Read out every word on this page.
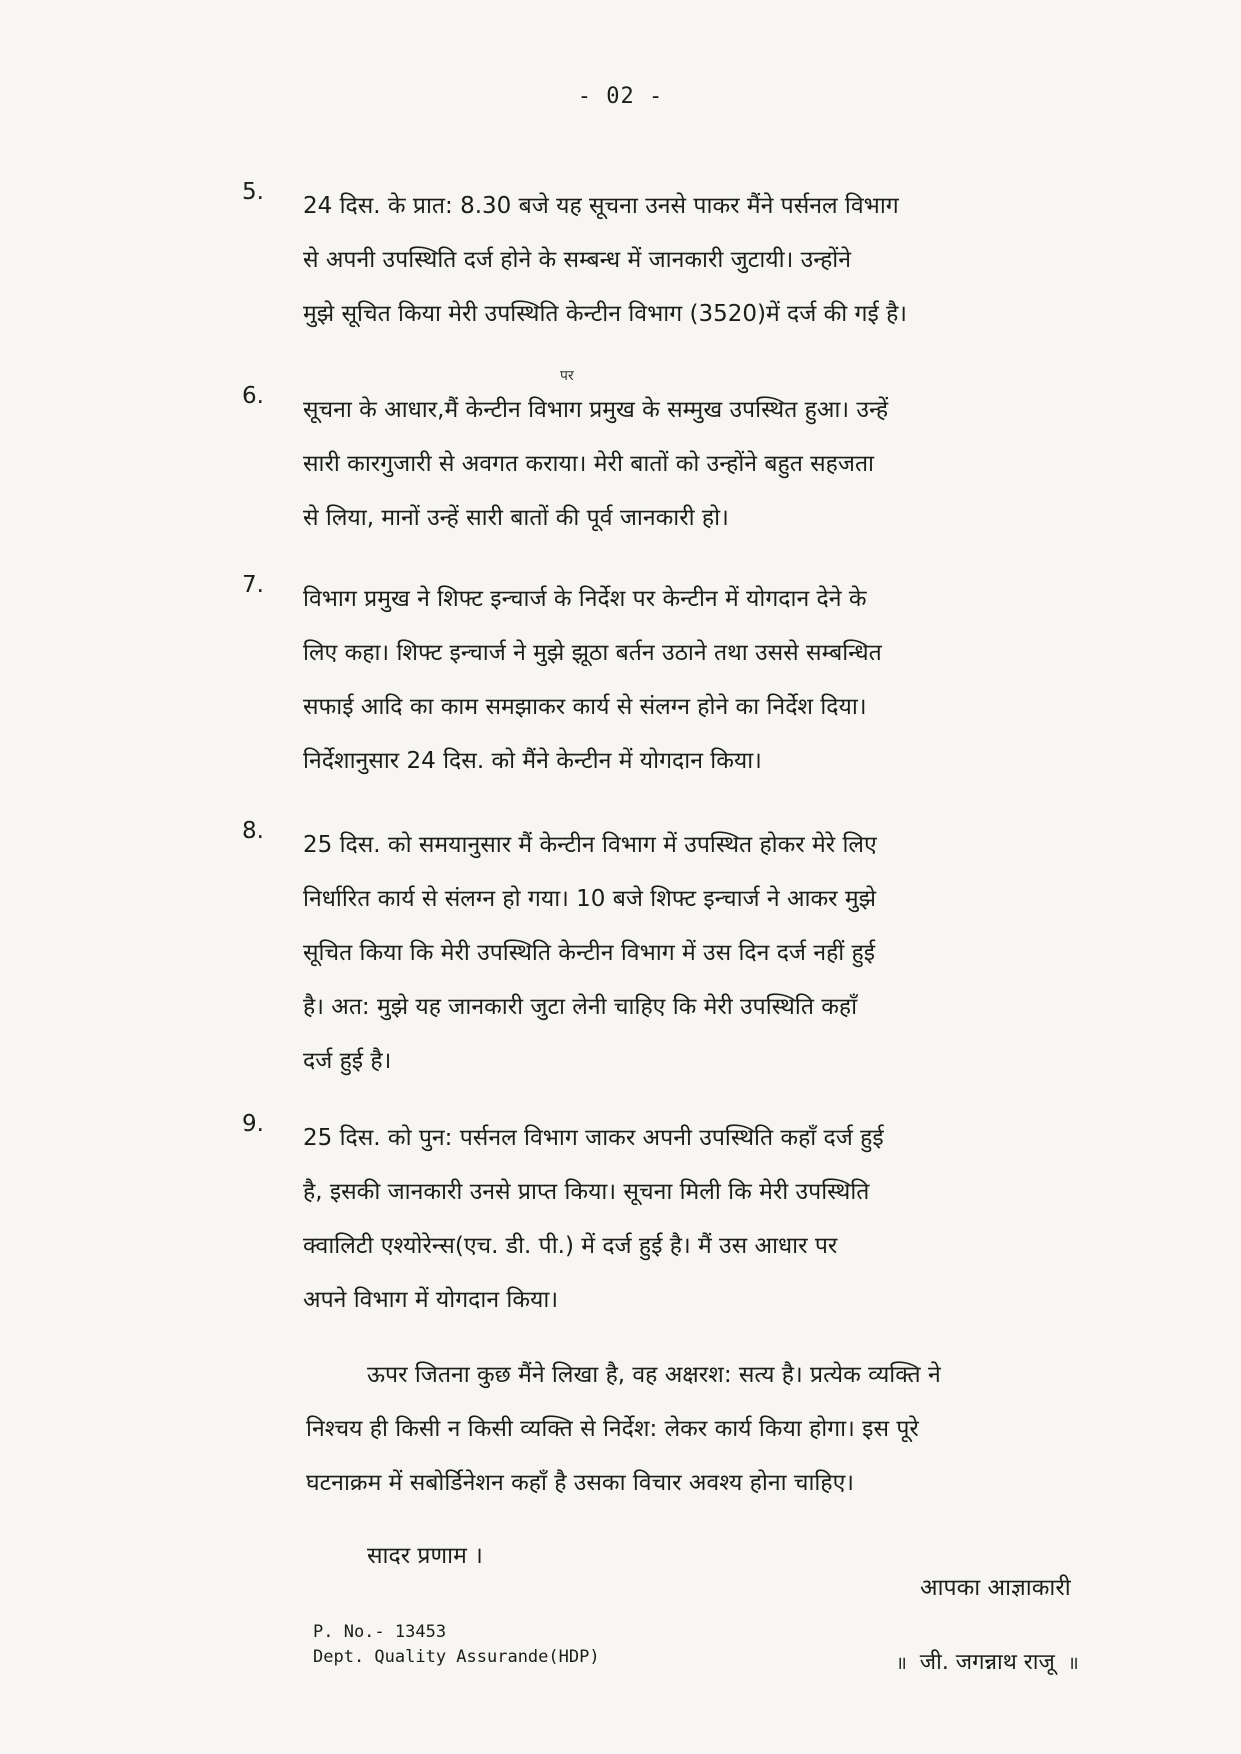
- 02 -
5.
24 दिस. के प्रात: 8.30 बजे यह सूचना उनसे पाकर मैंने पर्सनल विभाग
से अपनी उपस्थिति दर्ज होने के सम्बन्ध में जानकारी जुटायी। उन्होंने
मुझे सूचित किया मेरी उपस्थिति केन्टीन विभाग (3520)में दर्ज की गई है।
पर
6.
सूचना के आधार,मैं केन्टीन विभाग प्रमुख के सम्मुख उपस्थित हुआ। उन्हें
सारी कारगुजारी से अवगत कराया। मेरी बातों को उन्होंने बहुत सहजता
से लिया, मानों उन्हें सारी बातों की पूर्व जानकारी हो।
7.
विभाग प्रमुख ने शिफ्ट इन्चार्ज के निर्देश पर केन्टीन में योगदान देने के
लिए कहा। शिफ्ट इन्चार्ज ने मुझे झूठा बर्तन उठाने तथा उससे सम्बन्धित
सफाई आदि का काम समझाकर कार्य से संलग्न होने का निर्देश दिया।
निर्देशानुसार 24 दिस. को मैंने केन्टीन में योगदान किया।
8.
25 दिस. को समयानुसार मैं केन्टीन विभाग में उपस्थित होकर मेरे लिए
निर्धारित कार्य से संलग्न हो गया। 10 बजे शिफ्ट इन्चार्ज ने आकर मुझे
सूचित किया कि मेरी उपस्थिति केन्टीन विभाग में उस दिन दर्ज नहीं हुई
है। अत: मुझे यह जानकारी जुटा लेनी चाहिए कि मेरी उपस्थिति कहाँ
दर्ज हुई है।
9.
25 दिस. को पुन: पर्सनल विभाग जाकर अपनी उपस्थिति कहाँ दर्ज हुई
है, इसकी जानकारी उनसे प्राप्त किया। सूचना मिली कि मेरी उपस्थिति
क्वालिटी एश्योरेन्स(एच. डी. पी.) में दर्ज हुई है। मैं उस आधार पर
अपने विभाग में योगदान किया।
ऊपर जितना कुछ मैंने लिखा है, वह अक्षरश: सत्य है। प्रत्येक व्यक्ति ने
निश्चय ही किसी न किसी व्यक्ति से निर्देश: लेकर कार्य किया होगा। इस पूरे
घटनाक्रम में सबोर्डिनेशन कहाँ है उसका विचार अवश्य होना चाहिए।
सादर प्रणाम ।
आपका आज्ञाकारी
P. No.- 13453
Dept. Quality Assurande(HDP)	॥ जी. जगन्नाथ राजू ॥
